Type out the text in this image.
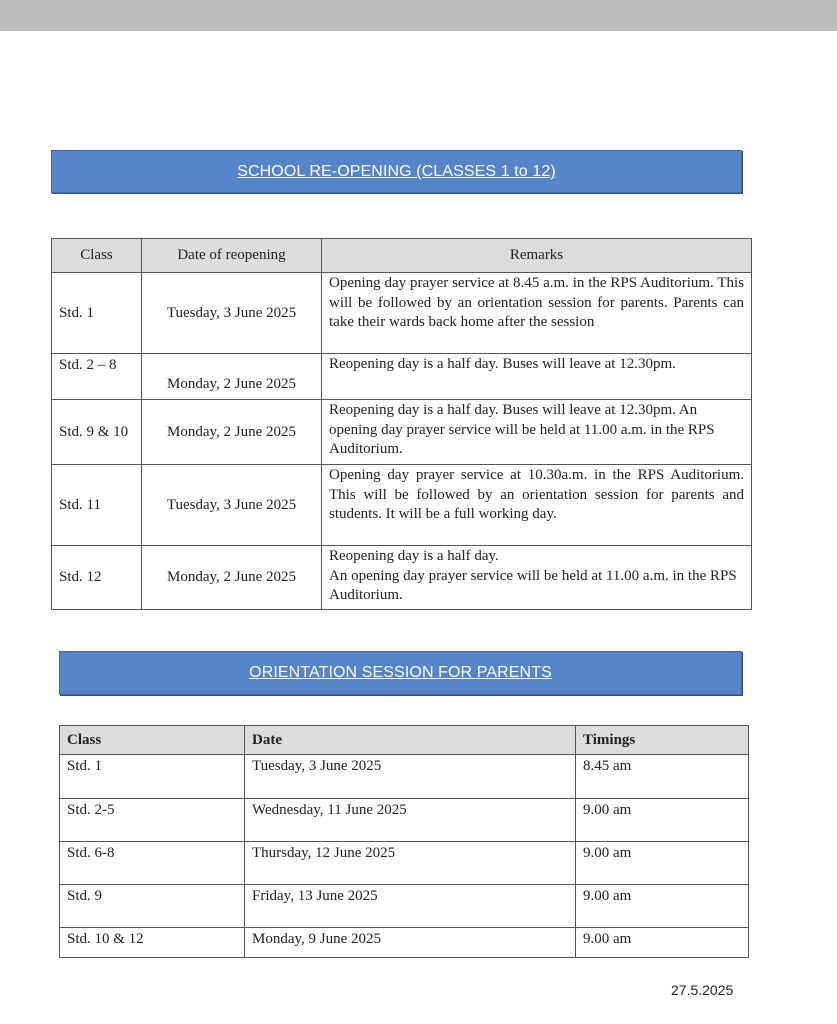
SCHOOL RE-OPENING (CLASSES 1 to 12)
Class	Date of reopening	Remarks
Std. 1	Tuesday, 3 June 2025	Opening day prayer service at 8.45 a.m. in the RPS Auditorium. This will be followed by an orientation session for parents. Parents can take their wards back home after the session
Std. 2 – 8	Monday, 2 June 2025	Reopening day is a half day. Buses will leave at 12.30pm.
Std. 9 & 10	Monday, 2 June 2025	Reopening day is a half day. Buses will leave at 12.30pm. An opening day prayer service will be held at 11.00 a.m. in the RPS Auditorium.
Std. 11	Tuesday, 3 June 2025	Opening day prayer service at 10.30a.m. in the RPS Auditorium. This will be followed by an orientation session for parents and students. It will be a full working day.
Std. 12	Monday, 2 June 2025	Reopening day is a half day.
An opening day prayer service will be held at 11.00 a.m. in the RPS Auditorium.
ORIENTATION SESSION FOR PARENTS
Class	Date	Timings
Std. 1	Tuesday, 3 June 2025	8.45 am
Std. 2-5	Wednesday, 11 June 2025	9.00 am
Std. 6-8	Thursday, 12 June 2025	9.00 am
Std. 9	Friday, 13 June 2025	9.00 am
Std. 10 & 12	Monday, 9 June 2025	9.00 am
27.5.2025
